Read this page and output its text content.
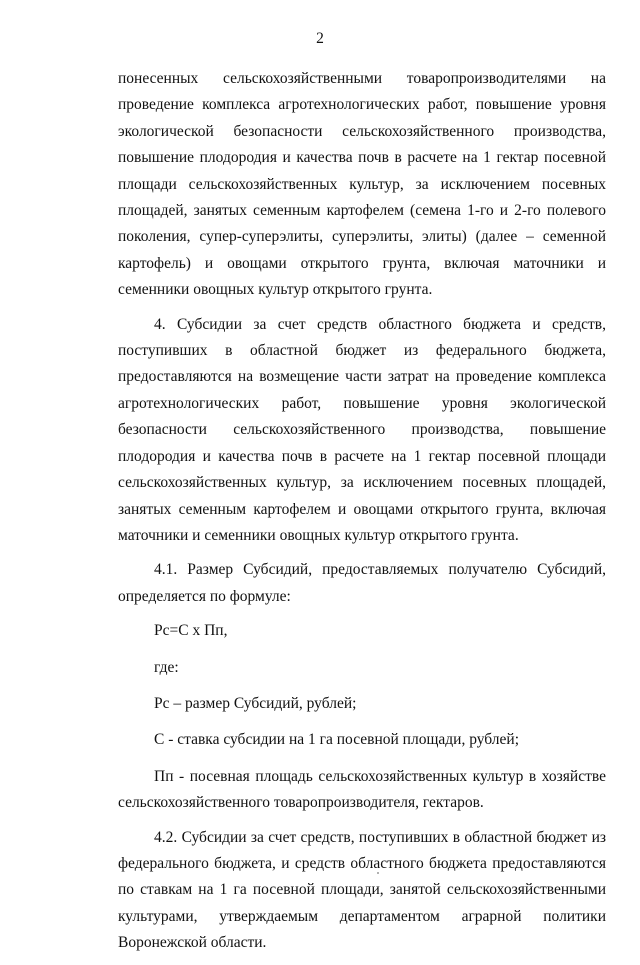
2

понесенных сельскохозяйственными товаропроизводителями на проведение комплекса агротехнологических работ, повышение уровня экологической безопасности сельскохозяйственного производства, повышение плодородия и качества почв в расчете на 1 гектар посевной площади сельскохозяйственных культур, за исключением посевных площадей, занятых семенным картофелем (семена 1-го и 2-го полевого поколения, супер-суперэлиты, суперэлиты, элиты) (далее – семенной картофель) и овощами открытого грунта, включая маточники и семенники овощных культур открытого грунта.

4. Субсидии за счет средств областного бюджета и средств, поступивших в областной бюджет из федерального бюджета, предоставляются на возмещение части затрат на проведение комплекса агротехнологических работ, повышение уровня экологической безопасности сельскохозяйственного производства, повышение плодородия и качества почв в расчете на 1 гектар посевной площади сельскохозяйственных культур, за исключением посевных площадей, занятых семенным картофелем и овощами открытого грунта, включая маточники и семенники овощных культур открытого грунта.

4.1. Размер Субсидий, предоставляемых получателю Субсидий, определяется по формуле:

Рс=С х Пп,

где:

Рс – размер Субсидий, рублей;

С - ставка субсидии на 1 га посевной площади, рублей;

Пп - посевная площадь сельскохозяйственных культур в хозяйстве сельскохозяйственного товаропроизводителя, гектаров.

4.2. Субсидии за счет средств, поступивших в областной бюджет из федерального бюджета, и средств областного бюджета предоставляются по ставкам на 1 га посевной площади, занятой сельскохозяйственными культурами, утверждаемым департаментом аграрной политики Воронежской области.
